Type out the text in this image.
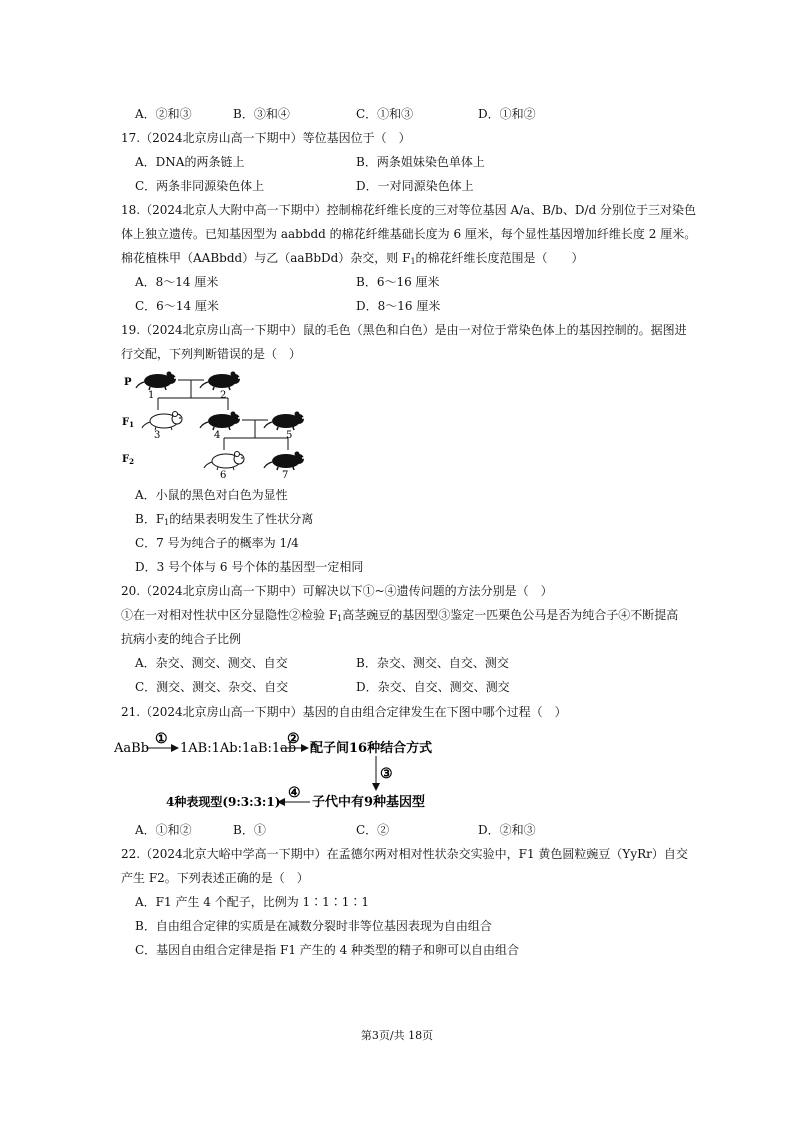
A．②和③	B．③和④	C．①和③	D．①和②
17.（2024北京房山高一下期中）等位基因位于（　）
A．DNA的两条链上	B．两条姐妹染色单体上
C．两条非同源染色体上	D．一对同源染色体上
18.（2024北京人大附中高一下期中）控制棉花纤维长度的三对等位基因 A/a、B/b、D/d 分别位于三对染色
体上独立遗传。已知基因型为 aabbdd 的棉花纤维基础长度为 6 厘米，每个显性基因增加纤维长度 2 厘米。
棉花植株甲（AABbdd）与乙（aaBbDd）杂交，则 $F_1$的棉花纤维长度范围是（　　）
A．8～14 厘米	B．6～16 厘米
C．6～14 厘米	D．8～16 厘米
19.（2024北京房山高一下期中）鼠的毛色（黑色和白色）是由一对位于常染色体上的基因控制的。据图进
行交配，下列判断错误的是（　）
P
$F_1$
$F_2$
1	2
3	4	5
6	7
A．小鼠的黑色对白色为显性
B．$F_1$的结果表明发生了性状分离
C．7 号为纯合子的概率为 1/4
D．3 号个体与 6 号个体的基因型一定相同
20.（2024北京房山高一下期中）可解决以下①~④遗传问题的方法分别是（　）
①在一对相对性状中区分显隐性②检验 $F_1$高茎豌豆的基因型③鉴定一匹栗色公马是否为纯合子④不断提高
抗病小麦的纯合子比例
A．杂交、测交、测交、自交	B．杂交、测交、自交、测交
C．测交、测交、杂交、自交	D．杂交、自交、测交、测交
21.（2024北京房山高一下期中）基因的自由组合定律发生在下图中哪个过程（　）
AaBb
①
1AB:1Ab:1aB:1ab
②
配子间16种结合方式
③
子代中有9种基因型
④
4种表现型(9:3:3:1)
A．①和②	B．①	C．②	D．②和③
22.（2024北京大峪中学高一下期中）在孟德尔两对相对性状杂交实验中，F1 黄色圆粒豌豆（YyRr）自交
产生 F2。下列表述正确的是（　）
A．F1 产生 4 个配子，比例为 1∶1∶1∶1
B．自由组合定律的实质是在减数分裂时非等位基因表现为自由组合
C．基因自由组合定律是指 F1 产生的 4 种类型的精子和卵可以自由组合
第3页/共 18页
